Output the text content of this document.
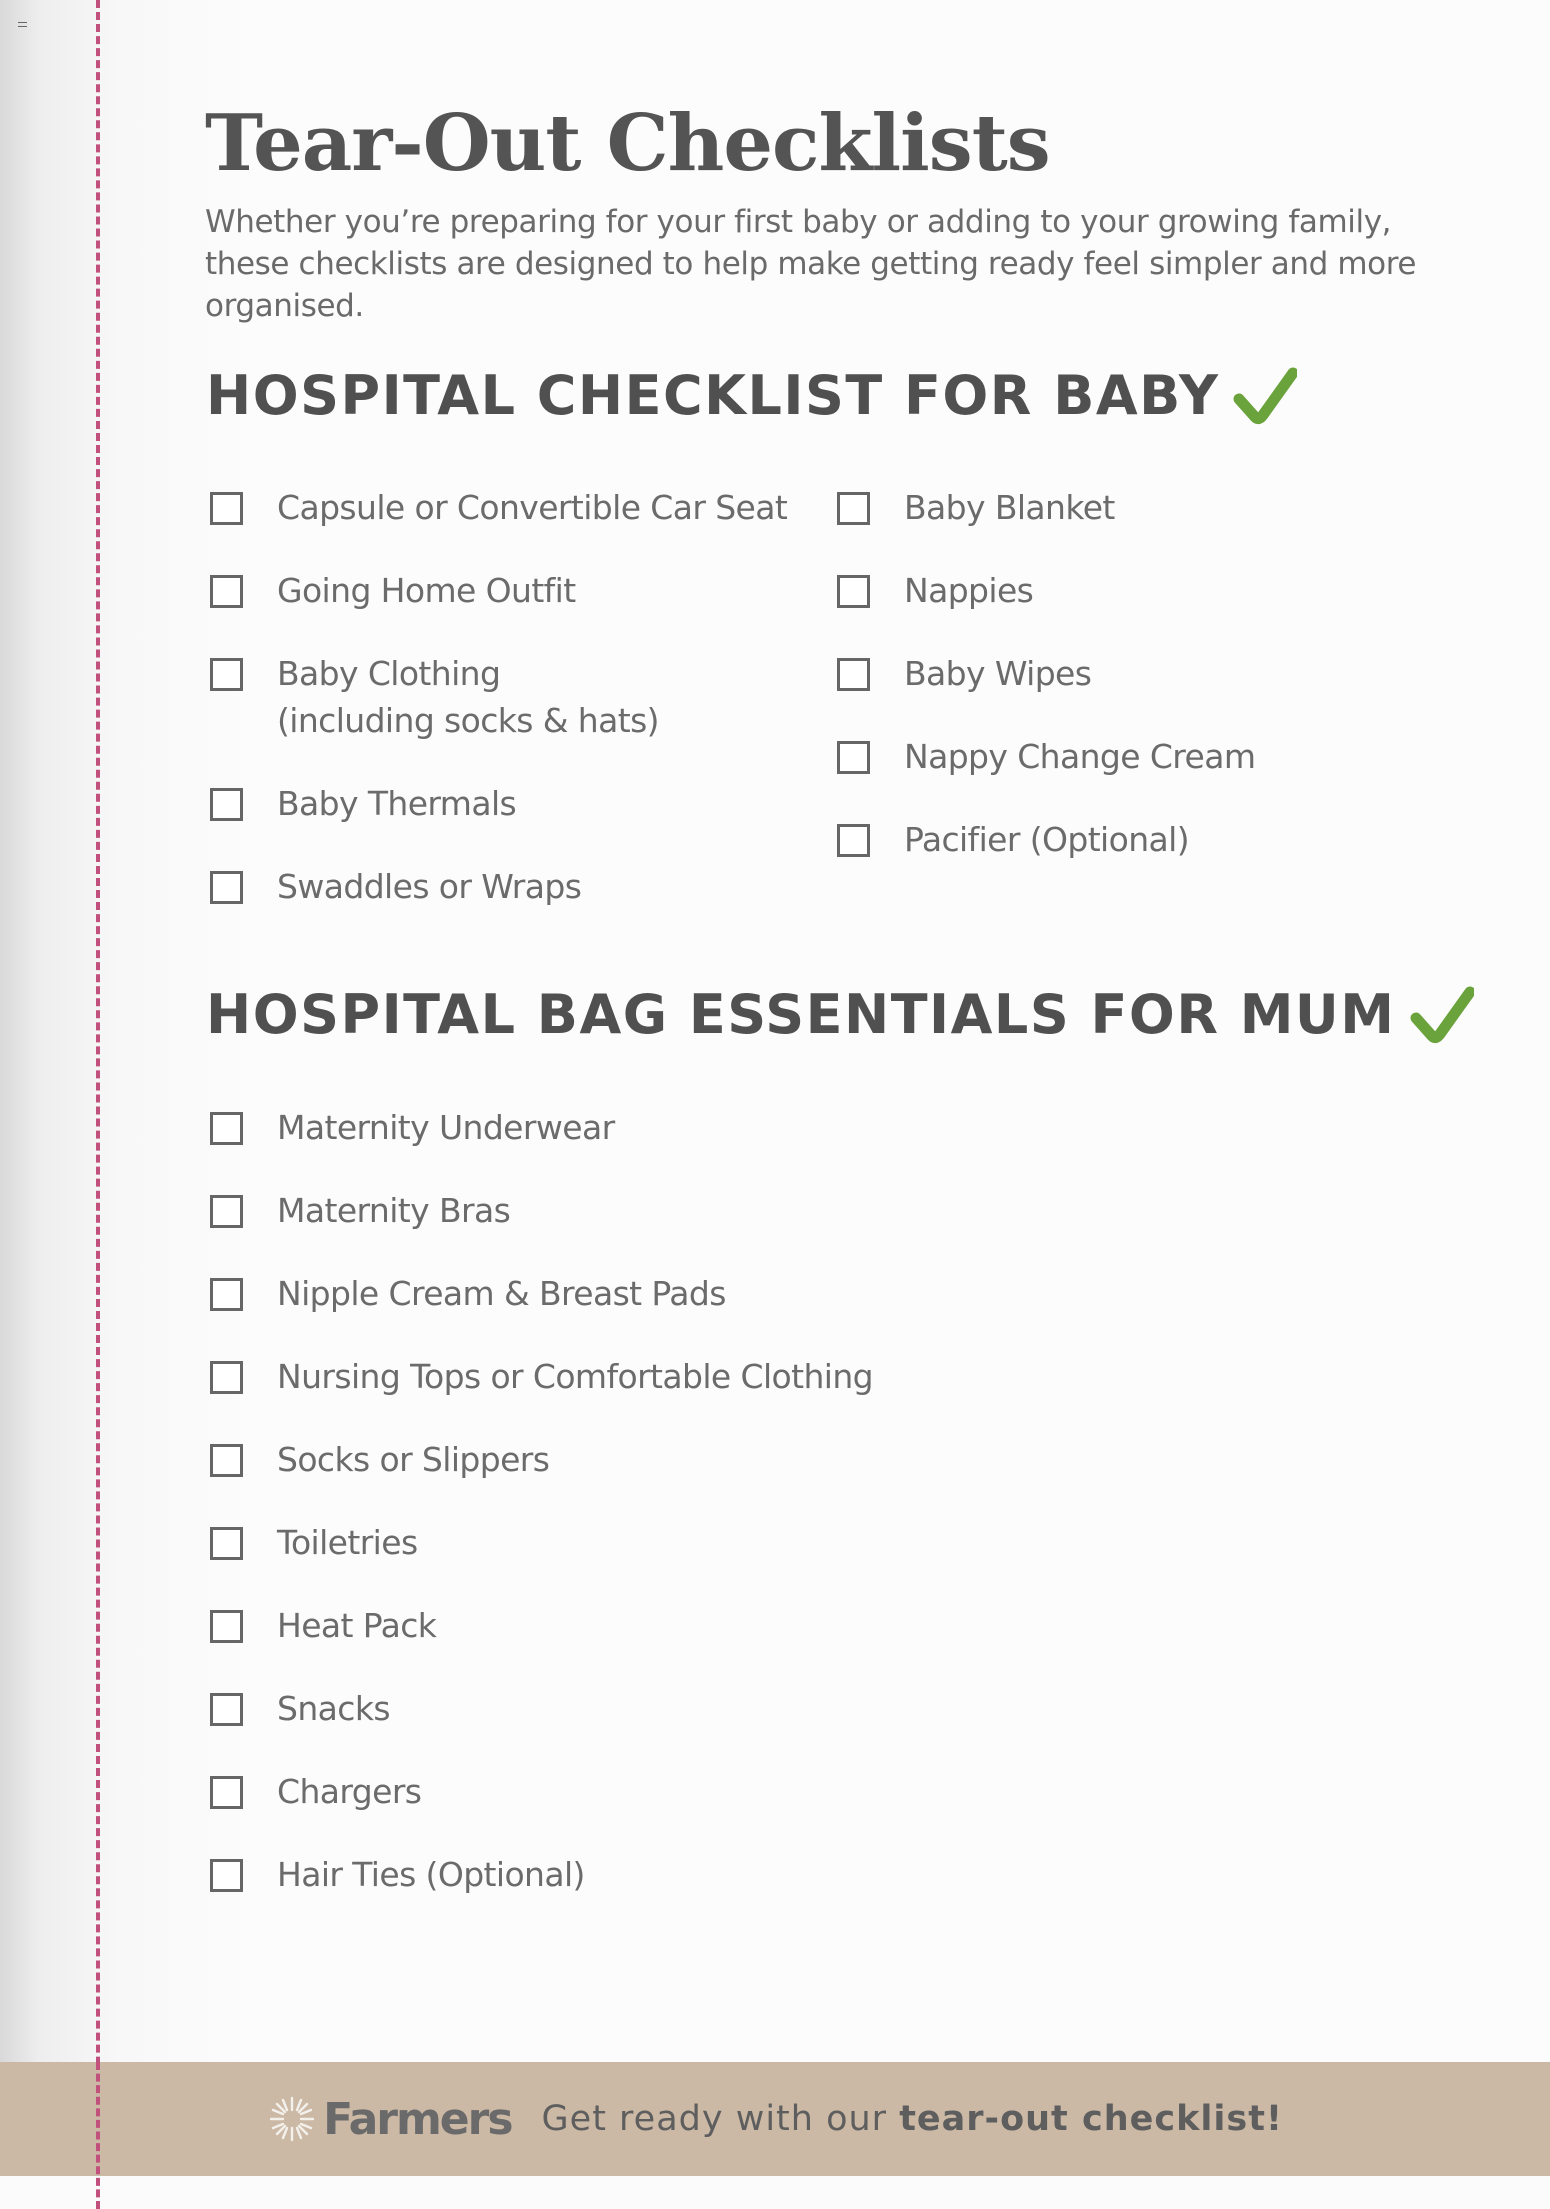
Tear-Out Checklists

Whether you’re preparing for your first baby or adding to your growing family, these checklists are designed to help make getting ready feel simpler and more organised.

HOSPITAL CHECKLIST FOR BABY
Capsule or Convertible Car Seat
Going Home Outfit
Baby Clothing
(including socks & hats)
Baby Thermals
Swaddles or Wraps
Baby Blanket
Nappies
Baby Wipes
Nappy Change Cream
Pacifier (Optional)
HOSPITAL BAG ESSENTIALS FOR MUM
Maternity Underwear
Maternity Bras
Nipple Cream & Breast Pads
Nursing Tops or Comfortable Clothing
Socks or Slippers
Toiletries
Heat Pack
Snacks
Chargers
Hair Ties (Optional)
Farmers Get ready with our tear-out checklist!
